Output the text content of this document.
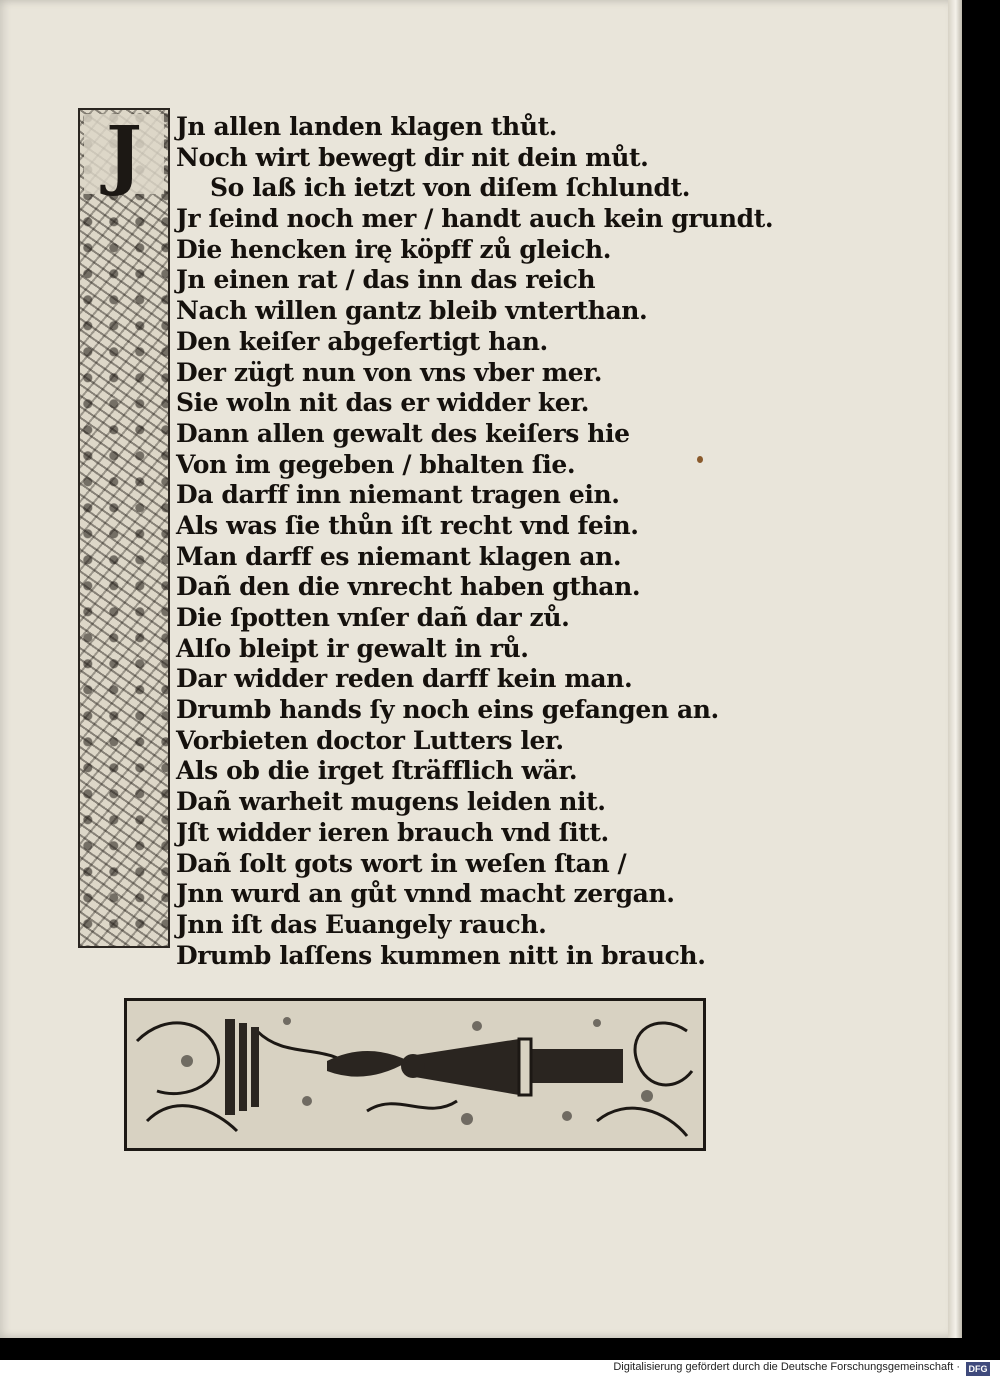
J	Jn allen landen klagen thůt.
Noch wirt bewegt dir nit dein můt.
So laß ich ietzt von diſem ſchlundt.
Jr ſeind noch mer / handt auch kein grundt.
Die hencken irę köpff zů gleich.
Jn einen rat / das inn das reich
Nach willen gantz bleib vnterthan.
Den keiſer abgefertigt han.
Der zügt nun von vns vber mer.
Sie woln nit das er widder ker.
Dann allen gewalt des keiſers hie
Von im gegeben / bhalten ſie.
Da darff inn niemant tragen ein.
Als was ſie thůn iſt recht vnd fein.
Man darff es niemant klagen an.
Dañ den die vnrecht haben gthan.
Die ſpotten vnſer dañ dar zů.
Alſo bleipt ir gewalt in rů.
Dar widder reden darff kein man.
Drumb hands ſy noch eins gefangen an.
Vorbieten doctor Lutters ler.
Als ob die irget ſträfflich wär.
Dañ warheit mugens leiden nit.
Jſt widder ieren brauch vnd ſitt.
Dañ ſolt gots wort in weſen ſtan /
Jnn wurd an gůt vnnd macht zergan.
Jnn iſt das Euangely rauch.
Drumb laſſens kummen nitt in brauch.
Digitalisierung gefördert durch die Deutsche Forschungsgemeinschaft · DFG
